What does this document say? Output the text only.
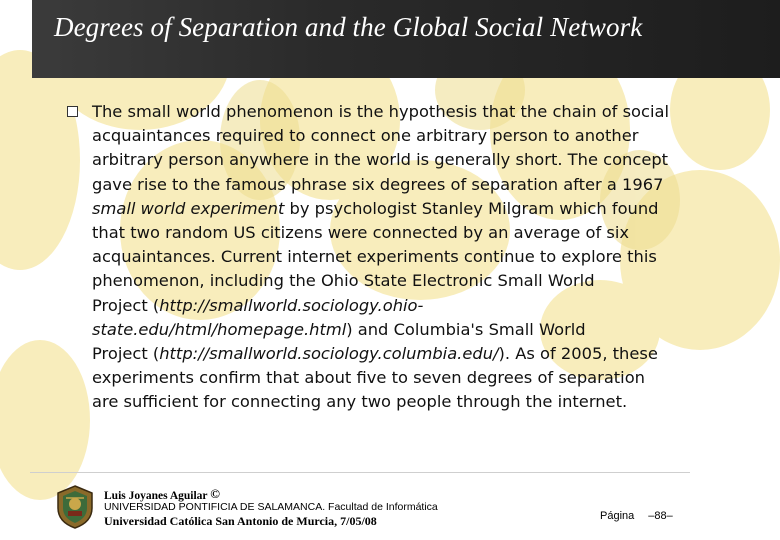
Degrees of Separation and the Global Social Network
The small world phenomenon is the hypothesis that the chain of social
acquaintances required to connect one arbitrary person to another
arbitrary person anywhere in the world is generally short. The concept
gave rise to the famous phrase six degrees of separation after a 1967
small world experiment by psychologist Stanley Milgram which found
that two random US citizens were connected by an average of six
acquaintances. Current internet experiments continue to explore this
phenomenon, including the Ohio State Electronic Small World
Project (http://smallworld.sociology.ohio-
state.edu/html/homepage.html) and Columbia's Small World
Project (http://smallworld.sociology.columbia.edu/). As of 2005, these
experiments confirm that about five to seven degrees of separation
are sufficient for connecting any two people through the internet.
Luis Joyanes Aguilar ©
UNIVERSIDAD PONTIFICIA DE SALAMANCA. Facultad de Informática
Universidad Católica San Antonio de Murcia, 7/05/08	Página –88–
